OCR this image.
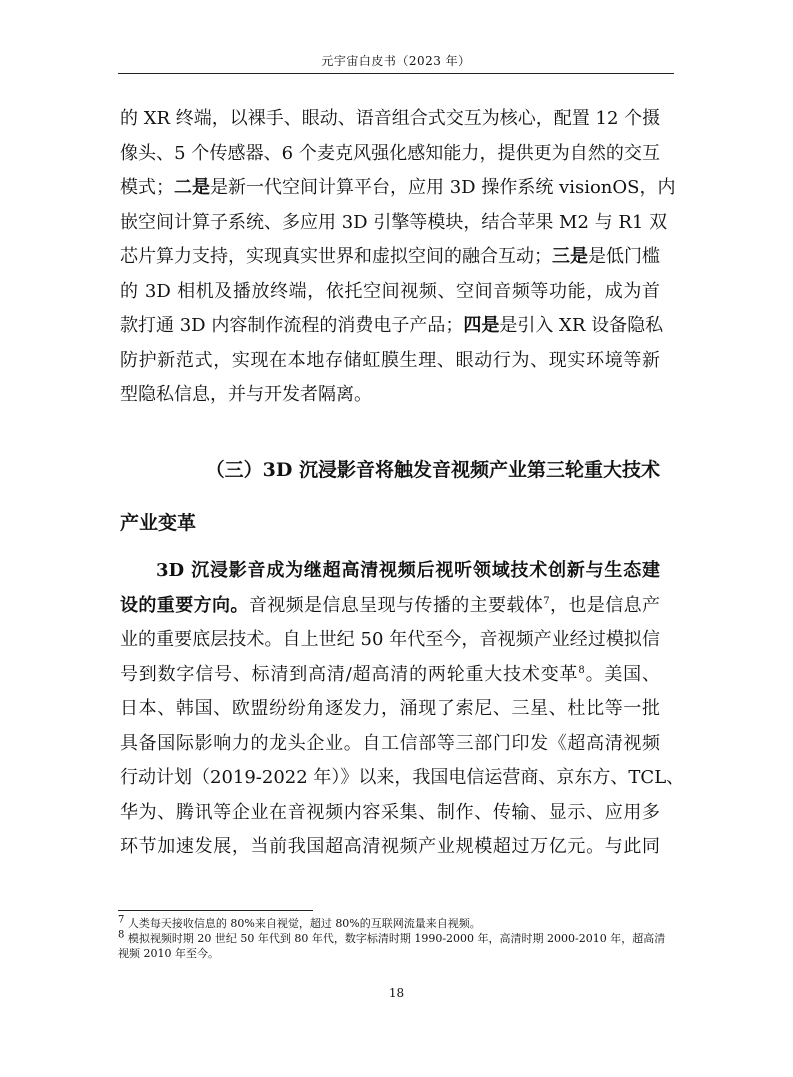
元宇宙白皮书（2023 年）
的 XR 终端，以裸手、眼动、语音组合式交互为核心，配置 12 个摄
像头、5 个传感器、6 个麦克风强化感知能力，提供更为自然的交互
模式；二是是新一代空间计算平台，应用 3D 操作系统 visionOS，内
嵌空间计算子系统、多应用 3D 引擎等模块，结合苹果 M2 与 R1 双
芯片算力支持，实现真实世界和虚拟空间的融合互动；三是是低门槛
的 3D 相机及播放终端，依托空间视频、空间音频等功能，成为首
款打通 3D 内容制作流程的消费电子产品；四是是引入 XR 设备隐私
防护新范式，实现在本地存储虹膜生理、眼动行为、现实环境等新
型隐私信息，并与开发者隔离。
（三）3D 沉浸影音将触发音视频产业第三轮重大技术
产业变革
3D 沉浸影音成为继超高清视频后视听领域技术创新与生态建
设的重要方向。音视频是信息呈现与传播的主要载体$^7$，也是信息产
业的重要底层技术。自上世纪 50 年代至今，音视频产业经过模拟信
号到数字信号、标清到高清/超高清的两轮重大技术变革$^8$。美国、
日本、韩国、欧盟纷纷角逐发力，涌现了索尼、三星、杜比等一批
具备国际影响力的龙头企业。自工信部等三部门印发《超高清视频
行动计划（2019-2022 年）》以来，我国电信运营商、京东方、TCL、
华为、腾讯等企业在音视频内容采集、制作、传输、显示、应用多
环节加速发展，当前我国超高清视频产业规模超过万亿元。与此同
$^7$ 人类每天接收信息的 80%来自视觉，超过 80%的互联网流量来自视频。
$^8$ 模拟视频时期 20 世纪 50 年代到 80 年代，数字标清时期 1990-2000 年，高清时期 2000-2010 年，超高清
视频 2010 年至今。
18
